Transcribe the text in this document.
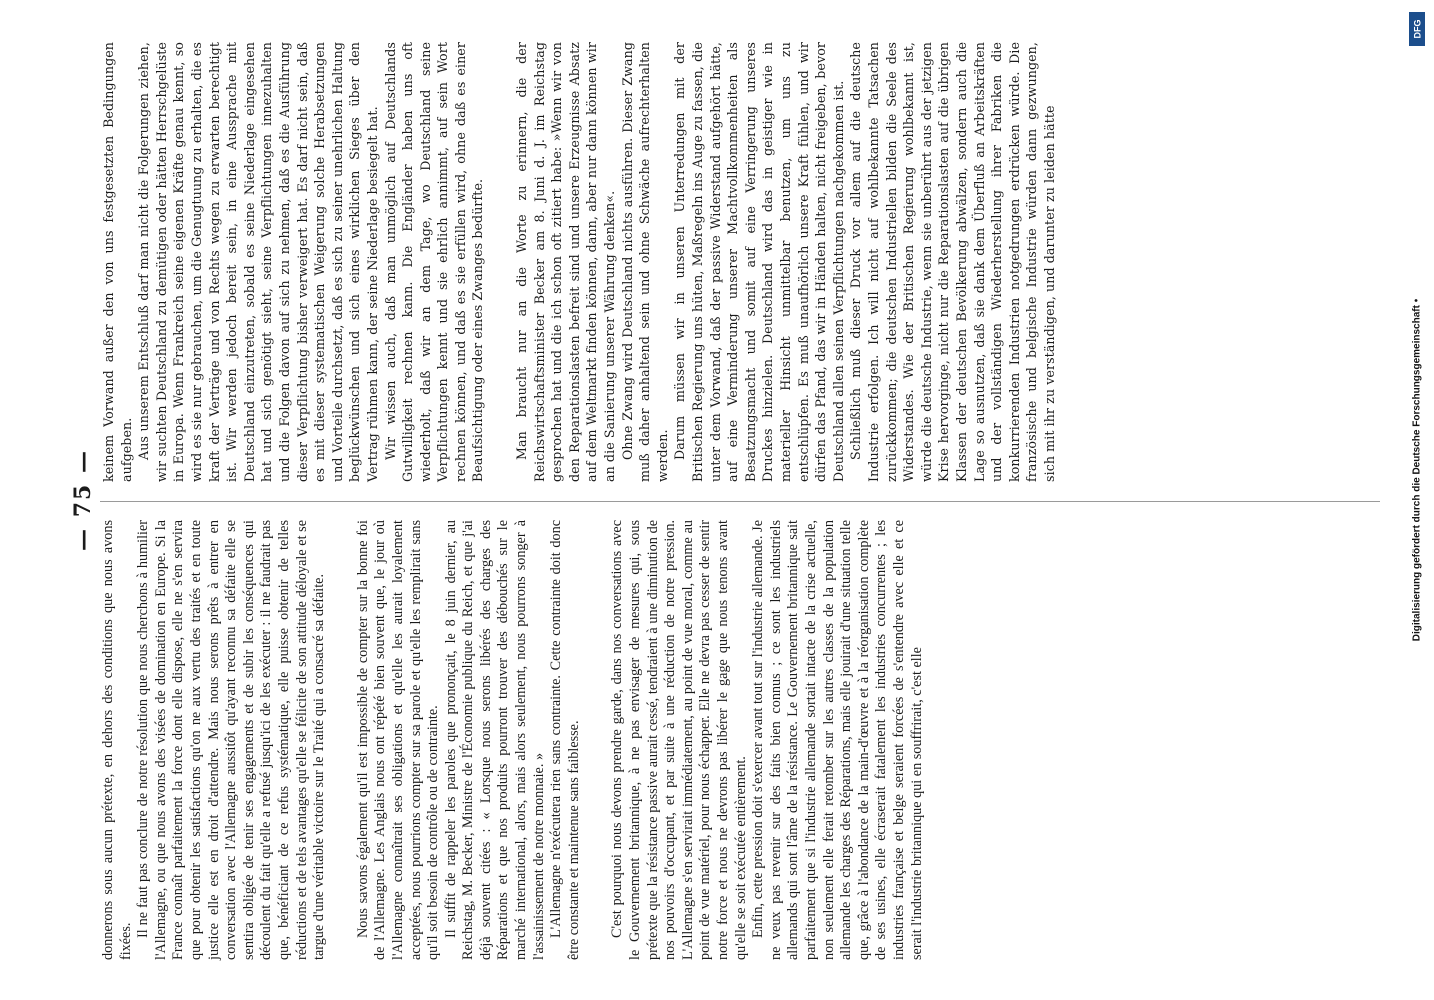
— 75 —

donnerons sous aucun prétexte, en dehors des conditions que nous avons fixées.

Il ne faut pas conclure de notre résolution que nous cherchons à humilier l'Allemagne, ou que nous avons des visées de domination en Europe. Si la France connaît parfaitement la force dont elle dispose, elle ne s'en servira que pour obtenir les satisfactions qu'on ne aux vertu des traités et en toute justice elle est en droit d'attendre. Mais nous serons prêts à entrer en conversation avec l'Allemagne aussitôt qu'ayant reconnu sa défaite elle se sentira obligée de tenir ses engagements et de subir les conséquences qui découlent du fait qu'elle a refusé jusqu'ici de les exécuter : il ne faudrait pas que, bénéficiant de ce refus systématique, elle puisse obtenir de telles réductions et de tels avantages qu'elle se félicite de son attitude déloyale et se targue d'une véritable victoire sur le Traité qui a consacré sa défaite. Nous savons également qu'il est impossible de compter sur la bonne foi de l'Allemagne. Les Anglais nous ont répété bien souvent que, le jour où l'Allemagne connaîtrait ses obligations et qu'elle les aurait loyalement acceptées, nous pourrions compter sur sa parole et qu'elle les remplirait sans qu'il soit besoin de contrôle ou de contrainte. Il suffit de rappeler les paroles que prononçait, le 8 juin dernier, au Reichstag, M. Becker, Ministre de l'Économie publique du Reich, et que j'ai déjà souvent citées : « Lorsque nous serons libérés des charges des Réparations et que nos produits pourront trouver des débouchés sur le marché international, alors, mais alors seulement, nous pourrons songer à l'assainissement de notre monnaie. » L'Allemagne n'exécutera rien sans contrainte. Cette contrainte doit donc être constante et maintenue sans faiblesse. C'est pourquoi nous devons prendre garde, dans nos conversations avec le Gouvernement britannique, à ne pas envisager de mesures qui, sous prétexte que la résistance passive aurait cessé, tendraient à une diminution de nos pouvoirs d'occupant, et par suite à une réduction de notre pression. L'Allemagne s'en servirait immédiatement, au point de vue moral, comme au point de vue matériel, pour nous échapper. Elle ne devra pas cesser de sentir notre force et nous ne devrons pas libérer le gage que nous tenons avant qu'elle se soit exécutée entièrement. Enfin, cette pression doit s'exercer avant tout sur l'industrie allemande. Je ne veux pas revenir sur des faits bien connus ; ce sont les industriels allemands qui sont l'âme de la résistance. Le Gouvernement britannique sait parfaitement que si l'industrie allemande sortait intacte de la crise actuelle, non seulement elle ferait retomber sur les autres classes de la population allemande les charges des Réparations, mais elle jouirait d'une situation telle que, grâce à l'abondance de la main-d'œuvre et à la réorganisation complète de ses usines, elle écraserait fatalement les industries concurrentes ; les industries française et belge seraient forcées de s'entendre avec elle et ce serait l'industrie britannique qui en souffrirait, c'est elle

keinem Vorwand außer den von uns festgesetzten Bedingungen aufgeben. Aus unserem Entschluß darf man nicht die Folgerungen ziehen, wir suchten Deutschland zu demütigen oder hätten Herrschgelüste in Europa. Wenn Frankreich seine eigenen Kräfte genau kennt, so wird es sie nur gebrauchen, um die Genugtuung zu erhalten, die es kraft der Verträge und von Rechts wegen zu erwarten berechtigt ist. Wir werden jedoch bereit sein, in eine Aussprache mit Deutschland einzutreten, sobald es seine Niederlage eingesehen hat und sich genötigt sieht, seine Verpflichtungen innezuhalten und die Folgen davon auf sich zu nehmen, daß es die Ausführung dieser Verpflichtung bisher verweigert hat. Es darf nicht sein, daß es mit dieser systematischen Weigerung solche Herabsetzungen und Vorteile durchsetzt, daß es sich zu seiner unehrlichen Haltung beglückwünschen und sich eines wirklichen Sieges über den Vertrag rühmen kann, der seine Niederlage besiegelt hat. Wir wissen auch, daß man unmöglich auf Deutschlands Gutwilligkeit rechnen kann. Die Engländer haben uns oft wiederholt, daß wir an dem Tage, wo Deutschland seine Verpflichtungen kennt und sie ehrlich annimmt, auf sein Wort rechnen können, und daß es sie erfüllen wird, ohne daß es einer Beaufsichtigung oder eines Zwanges bedürfte. Man braucht nur an die Worte zu erinnern, die der Reichswirtschaftsminister Becker am 8. Juni d. J. im Reichstag gesprochen hat und die ich schon oft zitiert habe: »Wenn wir von den Reparationslasten befreit sind und unsere Erzeugnisse Absatz auf dem Weltmarkt finden können, dann, aber nur dann können wir an die Sanierung unserer Währung denken«. Ohne Zwang wird Deutschland nichts ausführen. Dieser Zwang muß daher anhaltend sein und ohne Schwäche aufrechterhalten werden. Darum müssen wir in unseren Unterredungen mit der Britischen Regierung uns hüten, Maßregeln ins Auge zu fassen, die unter dem Vorwand, daß der passive Widerstand aufgehört hätte, auf eine Verminderung unserer Machtvollkommenheiten als Besatzungsmacht und somit auf eine Verringerung unseres Druckes hinzielen. Deutschland wird das in geistiger wie in materieller Hinsicht unmittelbar benutzen, um uns zu entschlüpfen. Es muß unaufhörlich unsere Kraft fühlen, und wir dürfen das Pfand, das wir in Händen halten, nicht freigeben, bevor Deutschland allen seinen Verpflichtungen nachgekommen ist. Schließlich muß dieser Druck vor allem auf die deutsche Industrie erfolgen. Ich will nicht auf wohlbekannte Tatsachen zurückkommen; die deutschen Industriellen bilden die Seele des Widerstandes. Wie der Britischen Regierung wohlbekannt ist, würde die deutsche Industrie, wenn sie unberührt aus der jetzigen Krise hervorginge, nicht nur die Reparationslasten auf die übrigen Klassen der deutschen Bevölkerung abwälzen, sondern auch die Lage so ausnutzen, daß sie dank dem Überfluß an Arbeitskräften und der vollständigen Wiederherstellung ihrer Fabriken die konkurrierenden Industrien notgedrungen erdrücken würde. Die französische und belgische Industrie würden dann gezwungen, sich mit ihr zu verständigen, und darunter zu leiden hätte

DFG
Digitalisierung gefördert durch die Deutsche Forschungsgemeinschaft •
